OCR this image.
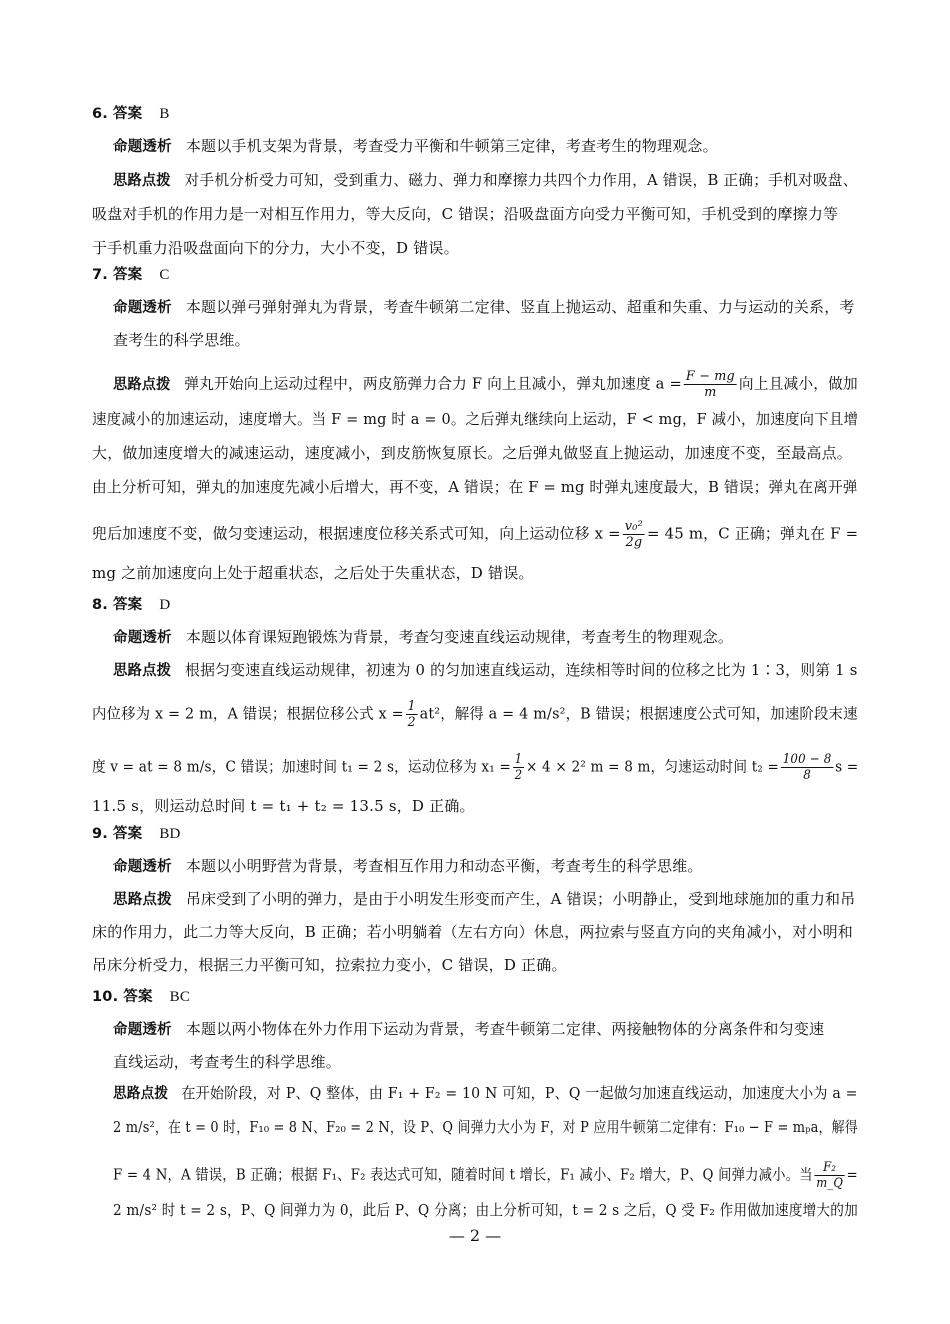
6. 答案 B
命题透析 本题以手机支架为背景，考查受力平衡和牛顿第三定律，考查考生的物理观念。
思路点拨 对手机分析受力可知，受到重力、磁力、弹力和摩擦力共四个力作用，A 错误，B 正确；手机对吸盘、
吸盘对手机的作用力是一对相互作用力，等大反向，C 错误；沿吸盘面方向受力平衡可知，手机受到的摩擦力等
于手机重力沿吸盘面向下的分力，大小不变，D 错误。
7. 答案 C
命题透析 本题以弹弓弹射弹丸为背景，考查牛顿第二定律、竖直上抛运动、超重和失重、力与运动的关系，考
查考生的科学思维。
思路点拨 弹丸开始向上运动过程中，两皮筋弹力合力 F 向上且减小，弹丸加速度 $a = \frac{F - mg}{m}$ 向上且减小，做加
速度减小的加速运动，速度增大。当 F = mg 时 a = 0。之后弹丸继续向上运动，F < mg，F 减小，加速度向下且增
大，做加速度增大的减速运动，速度减小，到皮筋恢复原长。之后弹丸做竖直上抛运动，加速度不变，至最高点。
由上分析可知，弹丸的加速度先减小后增大，再不变，A 错误；在 F = mg 时弹丸速度最大，B 错误；弹丸在离开弹
兜后加速度不变，做匀变速运动，根据速度位移关系式可知，向上运动位移 $x = \frac{\text{v₀²}}{2g} = 45$ m，C 正确；弹丸在 F =
mg 之前加速度向上处于超重状态，之后处于失重状态，D 错误。
8. 答案 D
命题透析 本题以体育课短跑锻炼为背景，考查匀变速直线运动规律，考查考生的物理观念。
思路点拨 根据匀变速直线运动规律，初速为 0 的匀加速直线运动，连续相等时间的位移之比为 1∶3，则第 1 s
内位移为 x = 2 m，A 错误；根据位移公式 $x = \frac{1}{2} at^2$，解得 a = 4 m/s²，B 错误；根据速度公式可知，加速阶段末速
度 v = at = 8 m/s，C 错误；加速时间 t₁ = 2 s，运动位移为 $x_1 = \frac{1}{2} \times 4 \times 2^2$ m = 8 m，匀速运动时间 $t_2 = \frac{100 - 8}{8}$ s =
11.5 s，则运动总时间 t = t₁ + t₂ = 13.5 s，D 正确。
9. 答案 BD
命题透析 本题以小明野营为背景，考查相互作用力和动态平衡，考查考生的科学思维。
思路点拨 吊床受到了小明的弹力，是由于小明发生形变而产生，A 错误；小明静止，受到地球施加的重力和吊
床的作用力，此二力等大反向，B 正确；若小明躺着（左右方向）休息，两拉索与竖直方向的夹角减小，对小明和
吊床分析受力，根据三力平衡可知，拉索拉力变小，C 错误，D 正确。
10. 答案 BC
命题透析 本题以两小物体在外力作用下运动为背景，考查牛顿第二定律、两接触物体的分离条件和匀变速
直线运动，考查考生的科学思维。
思路点拨 在开始阶段，对 P、Q 整体，由 F₁ + F₂ = 10 N 可知，P、Q 一起做匀加速直线运动，加速度大小为 a =
2 m/s²，在 t = 0 时，F₁₀ = 8 N、F₂₀ = 2 N，设 P、Q 间弹力大小为 F，对 P 应用牛顿第二定律有：F₁₀ − F = mₚa，解得
F = 4 N，A 错误，B 正确；根据 F₁、F₂ 表达式可知，随着时间 t 增长，F₁ 减小、F₂ 增大，P、Q 间弹力减小。当 $\frac{\text{F₂}}{m\_Q}$ =
2 m/s² 时 t = 2 s，P、Q 间弹力为 0，此后 P、Q 分离；由上分析可知，t = 2 s 之后，Q 受 F₂ 作用做加速度增大的加
— 2 —
